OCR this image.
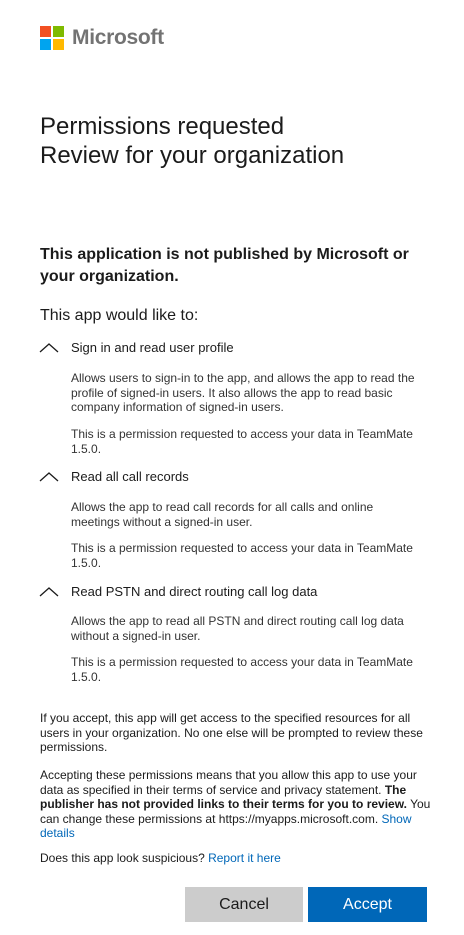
Microsoft
Permissions requested
Review for your organization
This application is not published by Microsoft or your organization.
This app would like to:
Sign in and read user profile
Allows users to sign-in to the app, and allows the app to read the profile of signed-in users. It also allows the app to read basic company information of signed-in users.
This is a permission requested to access your data in TeamMate 1.5.0.
Read all call records
Allows the app to read call records for all calls and online meetings without a signed-in user.
This is a permission requested to access your data in TeamMate 1.5.0.
Read PSTN and direct routing call log data
Allows the app to read all PSTN and direct routing call log data without a signed-in user.
This is a permission requested to access your data in TeamMate 1.5.0.
If you accept, this app will get access to the specified resources for all users in your organization. No one else will be prompted to review these permissions.
Accepting these permissions means that you allow this app to use your data as specified in their terms of service and privacy statement. The publisher has not provided links to their terms for you to review. You can change these permissions at https://myapps.microsoft.com. Show details
Does this app look suspicious? Report it here
Cancel	Accept
